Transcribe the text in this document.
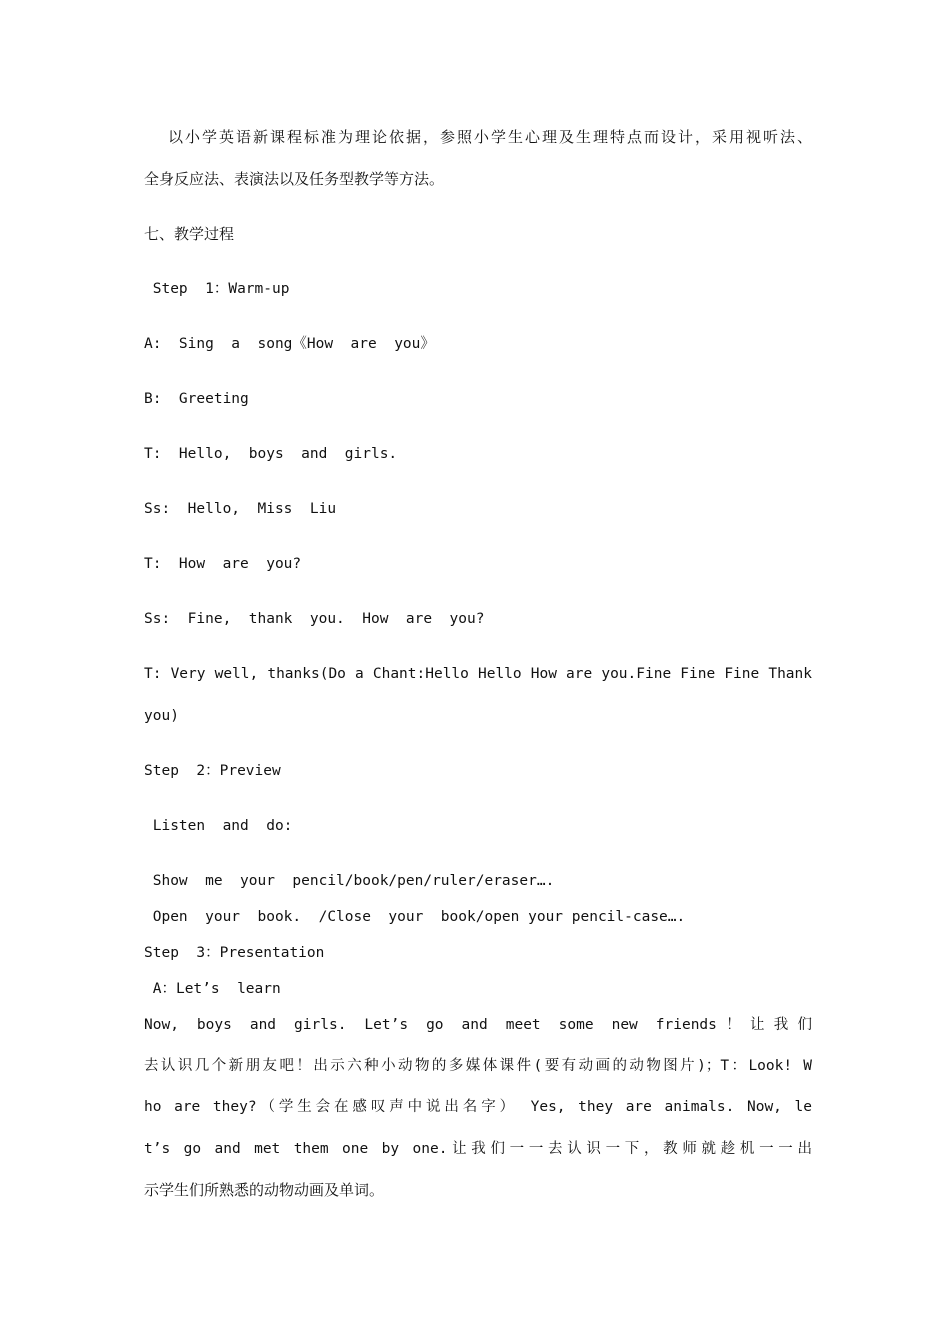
以小学英语新课程标准为理论依据，参照小学生心理及生理特点而设计，采用视听法、
全身反应法、表演法以及任务型教学等方法。
七、教学过程
Step  1：Warm-up
A:  Sing  a  song《How  are  you》
B:  Greeting
T:  Hello,  boys  and  girls.
Ss:  Hello,  Miss  Liu
T:  How  are  you?
Ss:  Fine,  thank  you.  How  are  you?
T: Very well, thanks(Do a Chant:Hello Hello How are you.Fine Fine Fine Thank
you)
Step  2：Preview
Listen  and  do:
Show  me  your  pencil/book/pen/ruler/eraser….
Open  your  book.  /Close  your  book/open your pencil-case….
Step  3：Presentation
A：Let’s  learn
Now, boys and girls. Let’s go and meet some new friends！让我们
去认识几个新朋友吧！出示六种小动物的多媒体课件(要有动画的动物图片)；T：Look! W
ho are they?（学生会在感叹声中说出名字） Yes, they are animals. Now, le
t’s go and met them one by one.让我们一一去认识一下，教师就趁机一一出
示学生们所熟悉的动物动画及单词。
